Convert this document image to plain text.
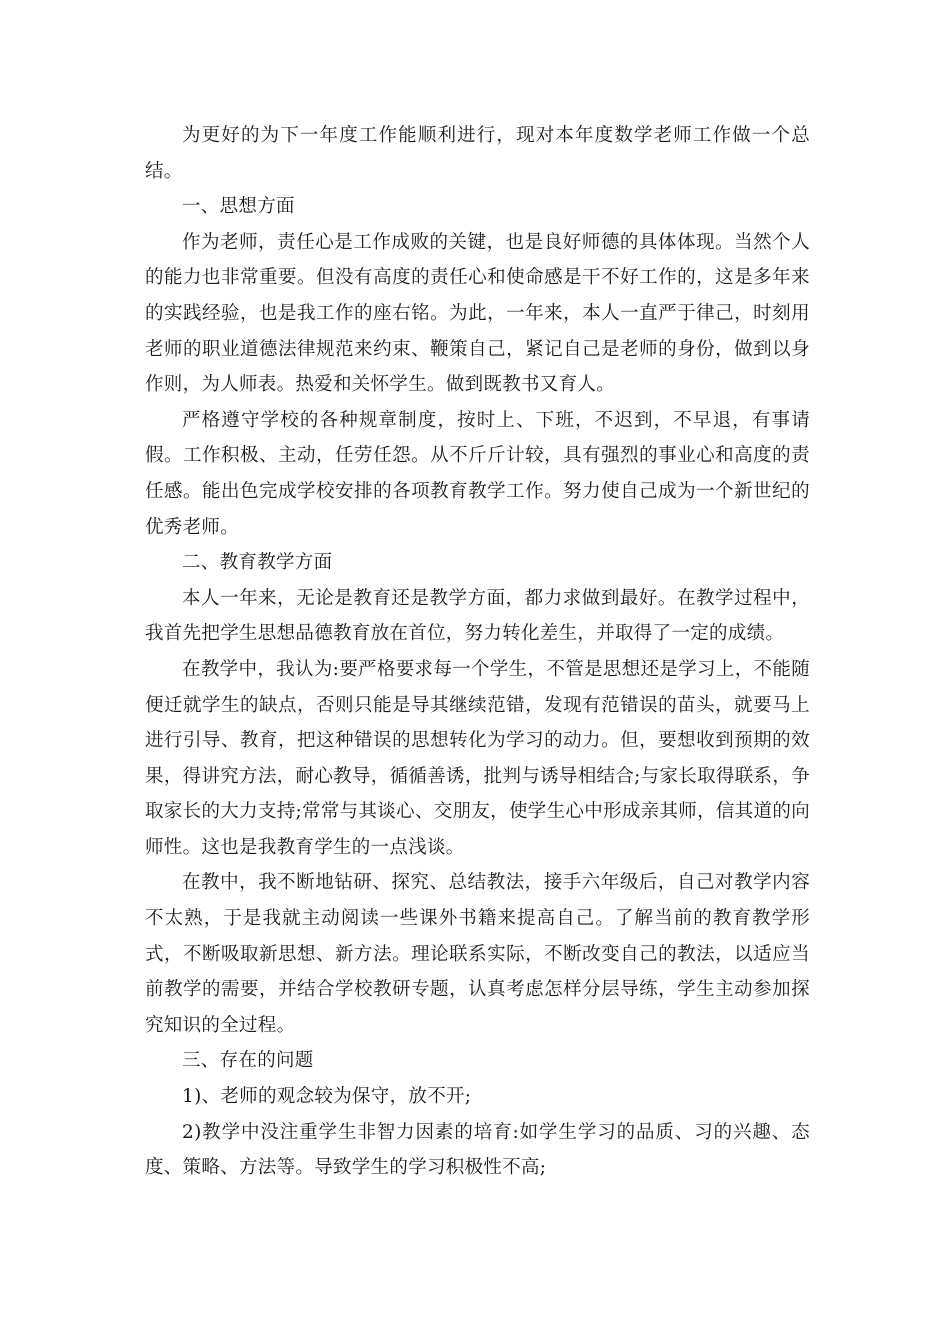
为更好的为下一年度工作能顺利进行，现对本年度数学老师工作做一个总结。

一、思想方面

作为老师，责任心是工作成败的关键，也是良好师德的具体体现。当然个人的能力也非常重要。但没有高度的责任心和使命感是干不好工作的，这是多年来的实践经验，也是我工作的座右铭。为此，一年来，本人一直严于律己，时刻用老师的职业道德法律规范来约束、鞭策自己，紧记自己是老师的身份，做到以身作则，为人师表。热爱和关怀学生。做到既教书又育人。

严格遵守学校的各种规章制度，按时上、下班，不迟到，不早退，有事请假。工作积极、主动，任劳任怨。从不斤斤计较，具有强烈的事业心和高度的责任感。能出色完成学校安排的各项教育教学工作。努力使自己成为一个新世纪的优秀老师。

二、教育教学方面

本人一年来，无论是教育还是教学方面，都力求做到最好。在教学过程中，我首先把学生思想品德教育放在首位，努力转化差生，并取得了一定的成绩。

在教学中，我认为:要严格要求每一个学生，不管是思想还是学习上，不能随便迁就学生的缺点，否则只能是导其继续范错，发现有范错误的苗头，就要马上进行引导、教育，把这种错误的思想转化为学习的动力。但，要想收到预期的效果，得讲究方法，耐心教导，循循善诱，批判与诱导相结合;与家长取得联系，争取家长的大力支持;常常与其谈心、交朋友，使学生心中形成亲其师，信其道的向师性。这也是我教育学生的一点浅谈。

在教中，我不断地钻研、探究、总结教法，接手六年级后，自己对教学内容不太熟，于是我就主动阅读一些课外书籍来提高自己。了解当前的教育教学形式，不断吸取新思想、新方法。理论联系实际，不断改变自己的教法，以适应当前教学的需要，并结合学校教研专题，认真考虑怎样分层导练，学生主动参加探究知识的全过程。

三、存在的问题

1)、老师的观念较为保守，放不开;

2)教学中没注重学生非智力因素的培育:如学生学习的品质、习的兴趣、态度、策略、方法等。导致学生的学习积极性不高;
